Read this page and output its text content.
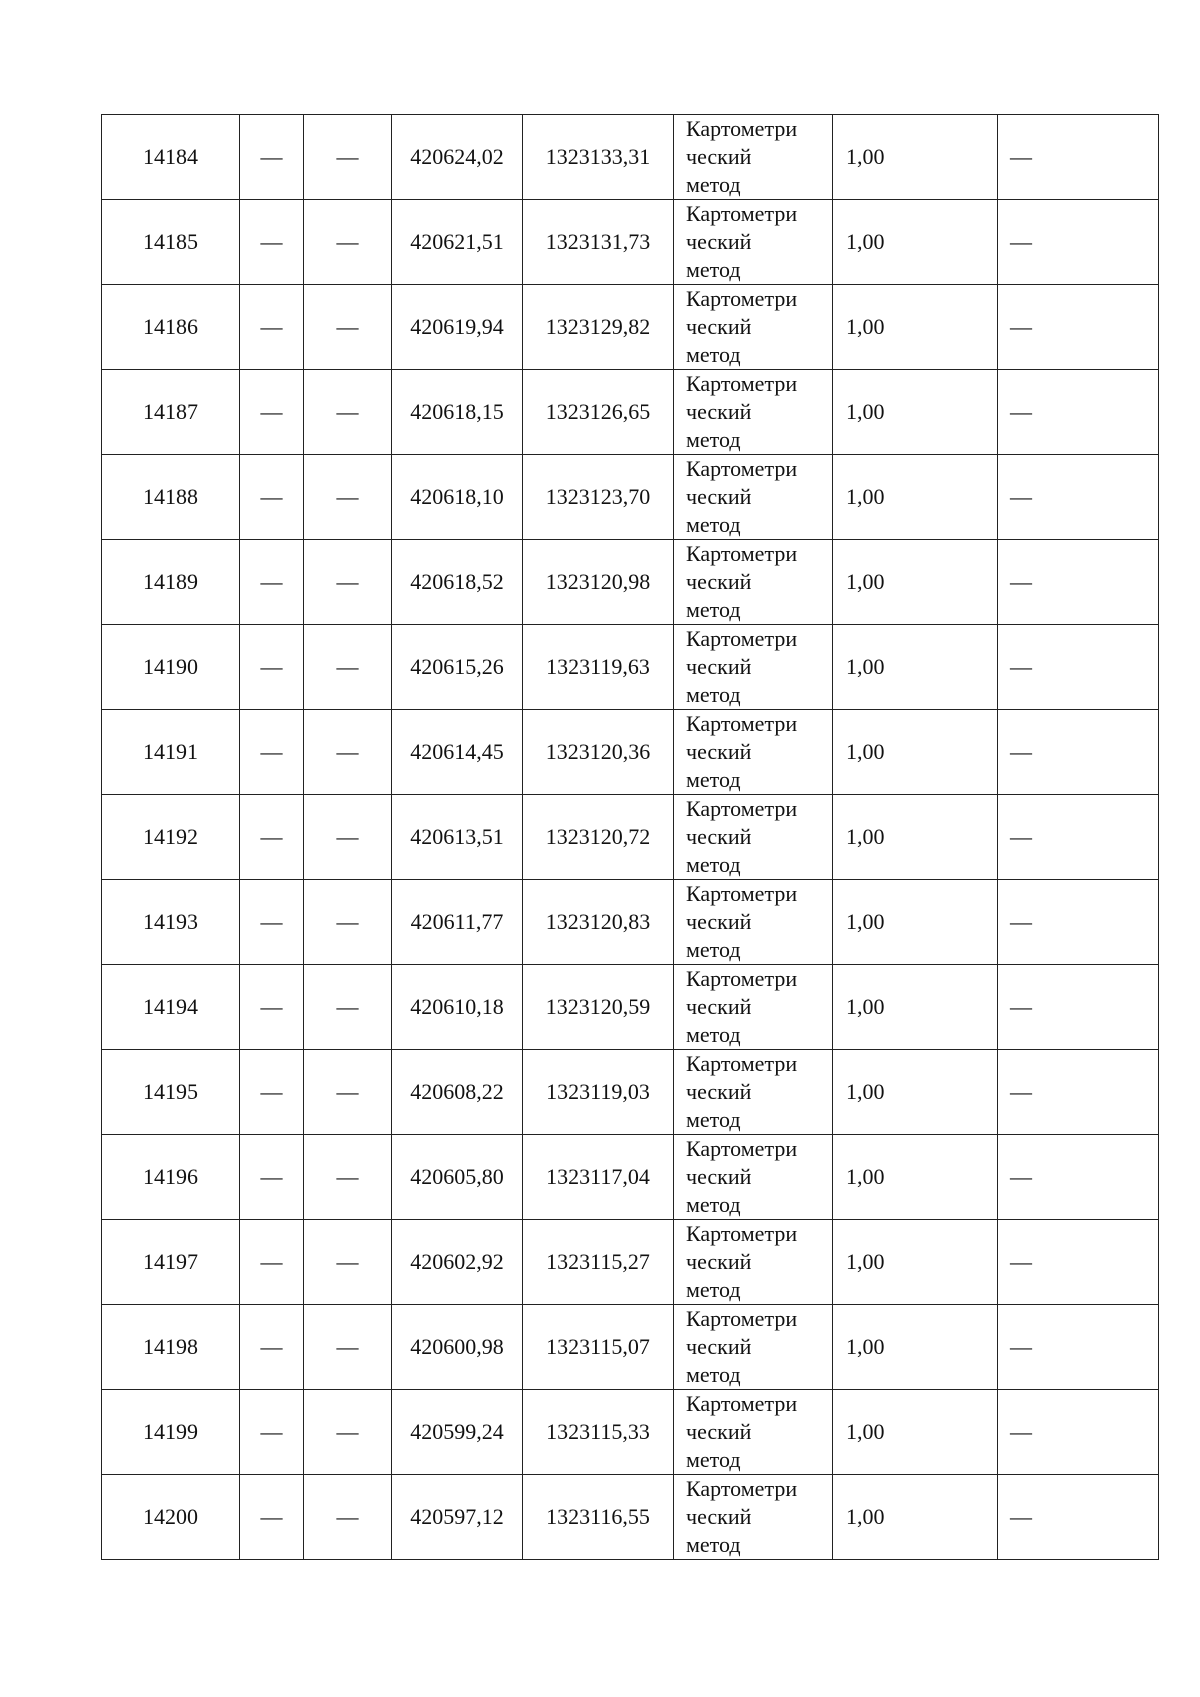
14184	—	—	420624,02	1323133,31	Картометри
ческий
метод	1,00	—
14185	—	—	420621,51	1323131,73	Картометри
ческий
метод	1,00	—
14186	—	—	420619,94	1323129,82	Картометри
ческий
метод	1,00	—
14187	—	—	420618,15	1323126,65	Картометри
ческий
метод	1,00	—
14188	—	—	420618,10	1323123,70	Картометри
ческий
метод	1,00	—
14189	—	—	420618,52	1323120,98	Картометри
ческий
метод	1,00	—
14190	—	—	420615,26	1323119,63	Картометри
ческий
метод	1,00	—
14191	—	—	420614,45	1323120,36	Картометри
ческий
метод	1,00	—
14192	—	—	420613,51	1323120,72	Картометри
ческий
метод	1,00	—
14193	—	—	420611,77	1323120,83	Картометри
ческий
метод	1,00	—
14194	—	—	420610,18	1323120,59	Картометри
ческий
метод	1,00	—
14195	—	—	420608,22	1323119,03	Картометри
ческий
метод	1,00	—
14196	—	—	420605,80	1323117,04	Картометри
ческий
метод	1,00	—
14197	—	—	420602,92	1323115,27	Картометри
ческий
метод	1,00	—
14198	—	—	420600,98	1323115,07	Картометри
ческий
метод	1,00	—
14199	—	—	420599,24	1323115,33	Картометри
ческий
метод	1,00	—
14200	—	—	420597,12	1323116,55	Картометри
ческий
метод	1,00	—
